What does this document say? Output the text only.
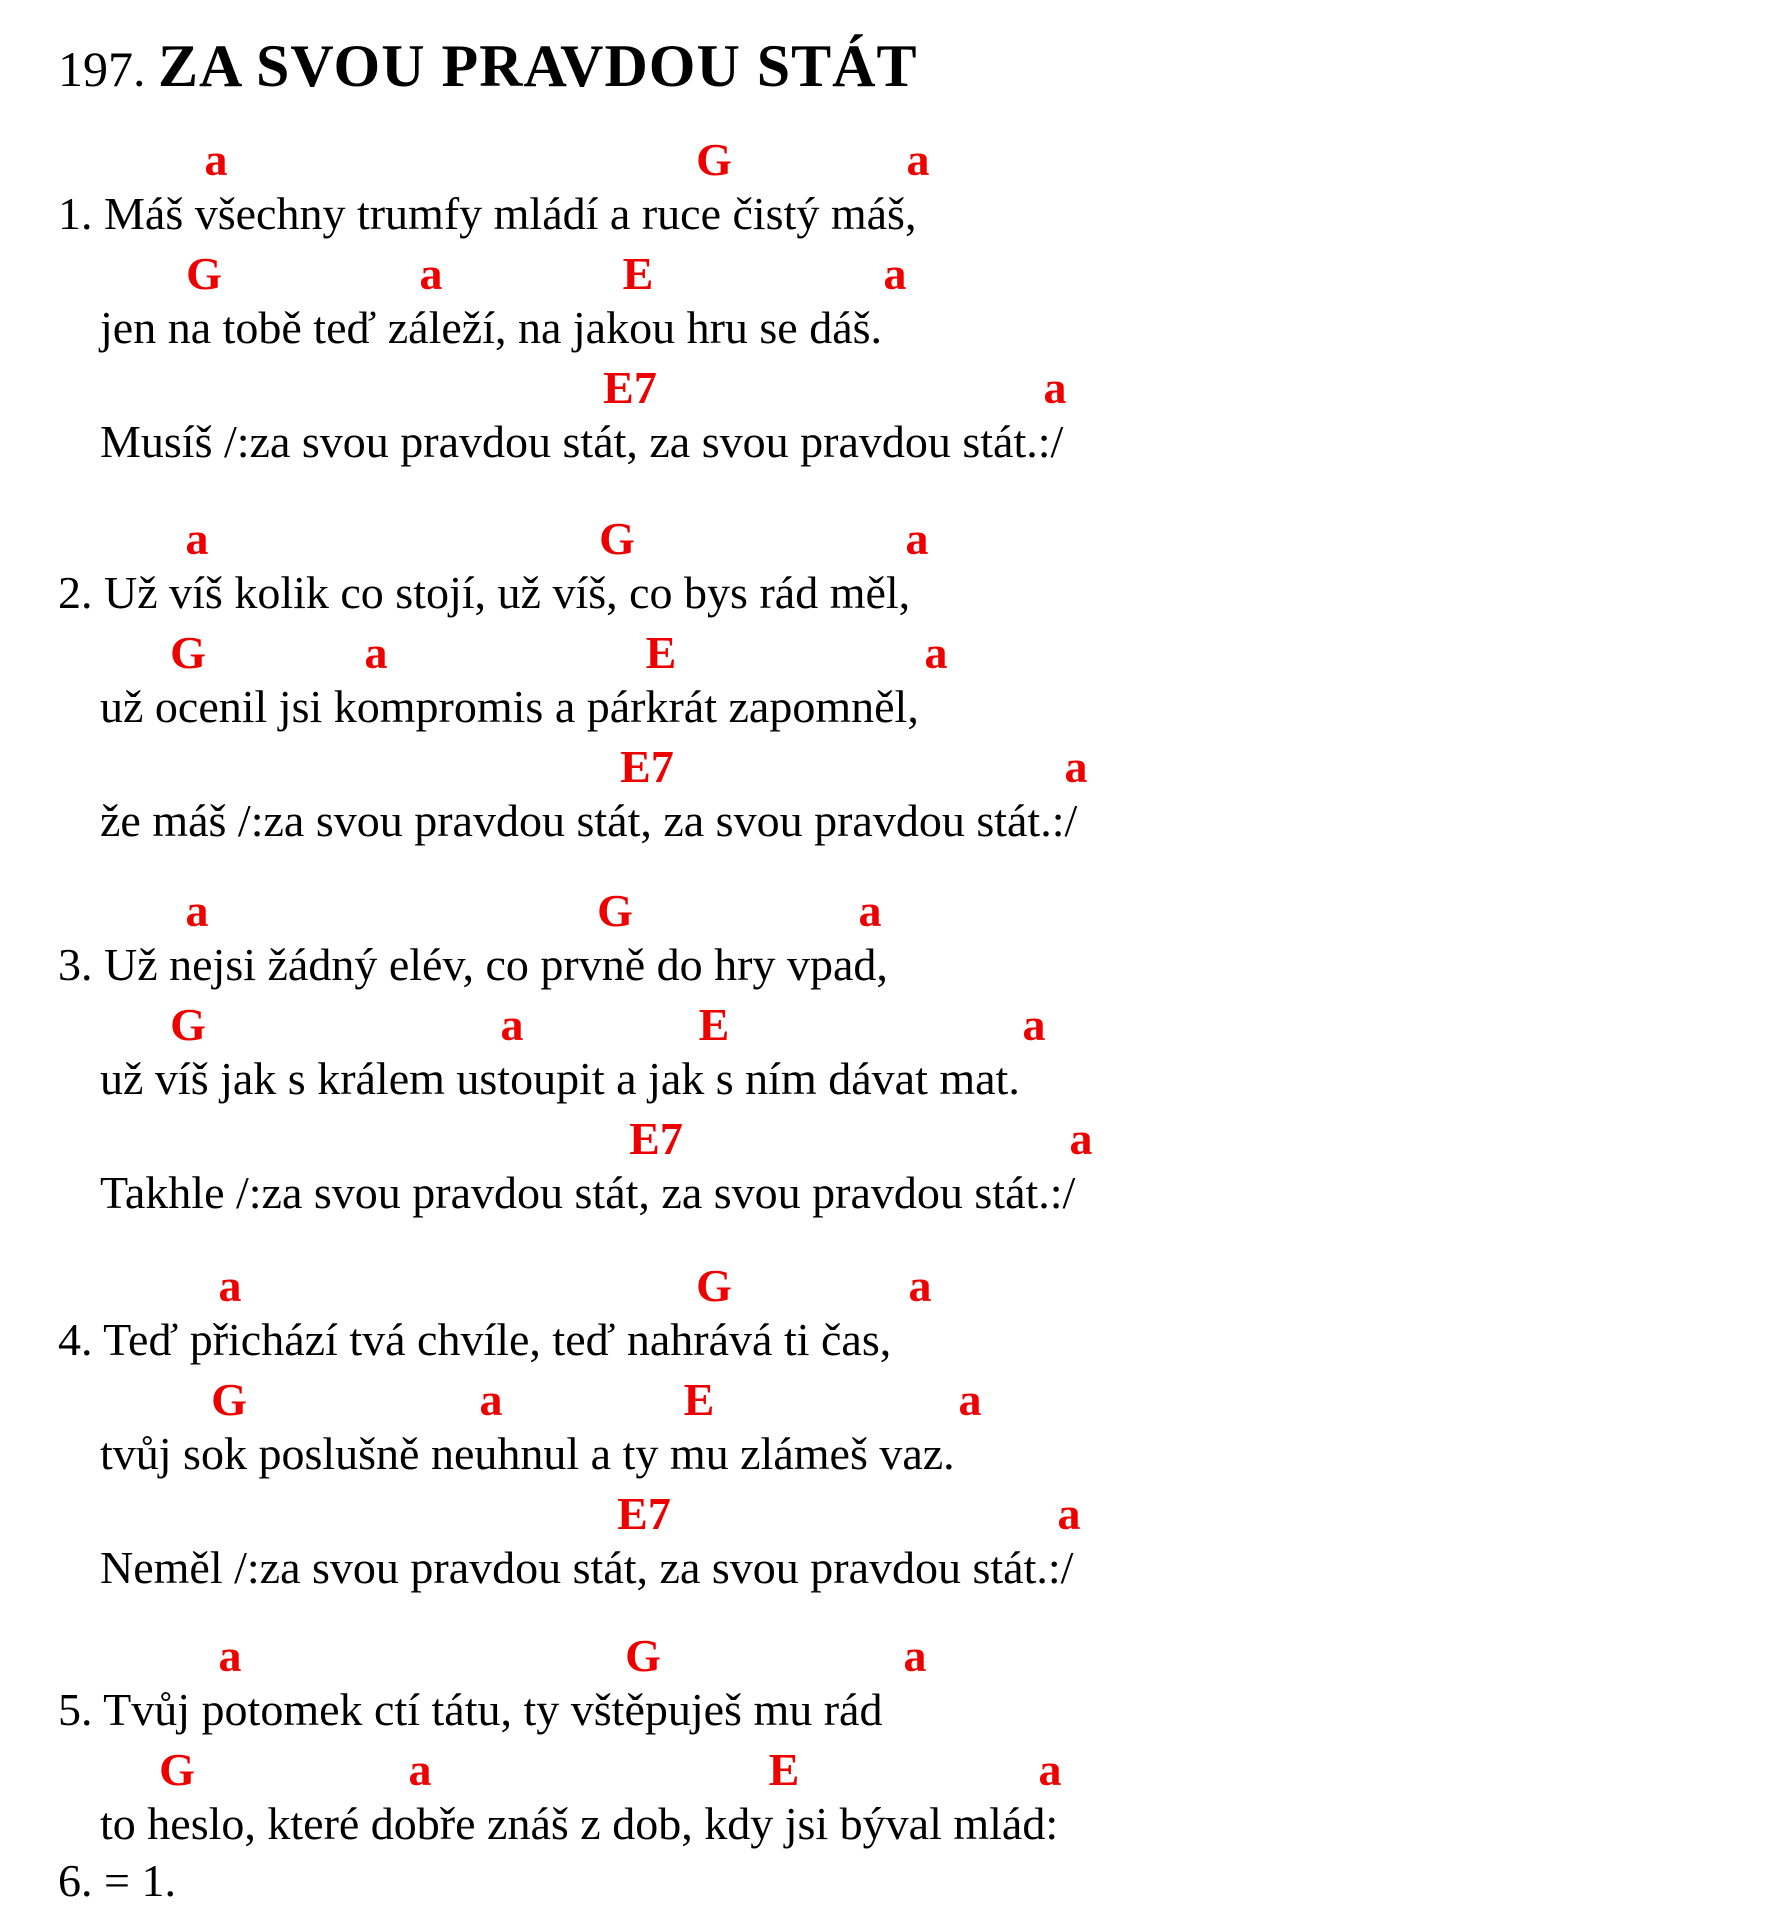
197. ZA SVOU PRAVDOU STÁT
a	G	a
1. Máš všechny trumfy mládí a ruce čistý máš,
G	a	E	a
jen na tobě teď záleží, na jakou hru se dáš.
E7	a
Musíš /:za svou pravdou stát, za svou pravdou stát.:/
a	G	a
2. Už víš kolik co stojí, už víš, co bys rád měl,
G	a	E	a
už ocenil jsi kompromis a párkrát zapomněl,
E7	a
že máš /:za svou pravdou stát, za svou pravdou stát.:/
a	G	a
3. Už nejsi žádný elév, co prvně do hry vpad,
G	a	E	a
už víš jak s králem ustoupit a jak s ním dávat mat.
E7	a
Takhle /:za svou pravdou stát, za svou pravdou stát.:/
a	G	a
4. Teď přichází tvá chvíle, teď nahrává ti čas,
G	a	E	a
tvůj sok poslušně neuhnul a ty mu zlámeš vaz.
E7	a
Neměl /:za svou pravdou stát, za svou pravdou stát.:/
a	G	a
5. Tvůj potomek ctí tátu, ty vštěpuješ mu rád
G	a	E	a
to heslo, které dobře znáš z dob, kdy jsi býval mlád:
6. = 1.
